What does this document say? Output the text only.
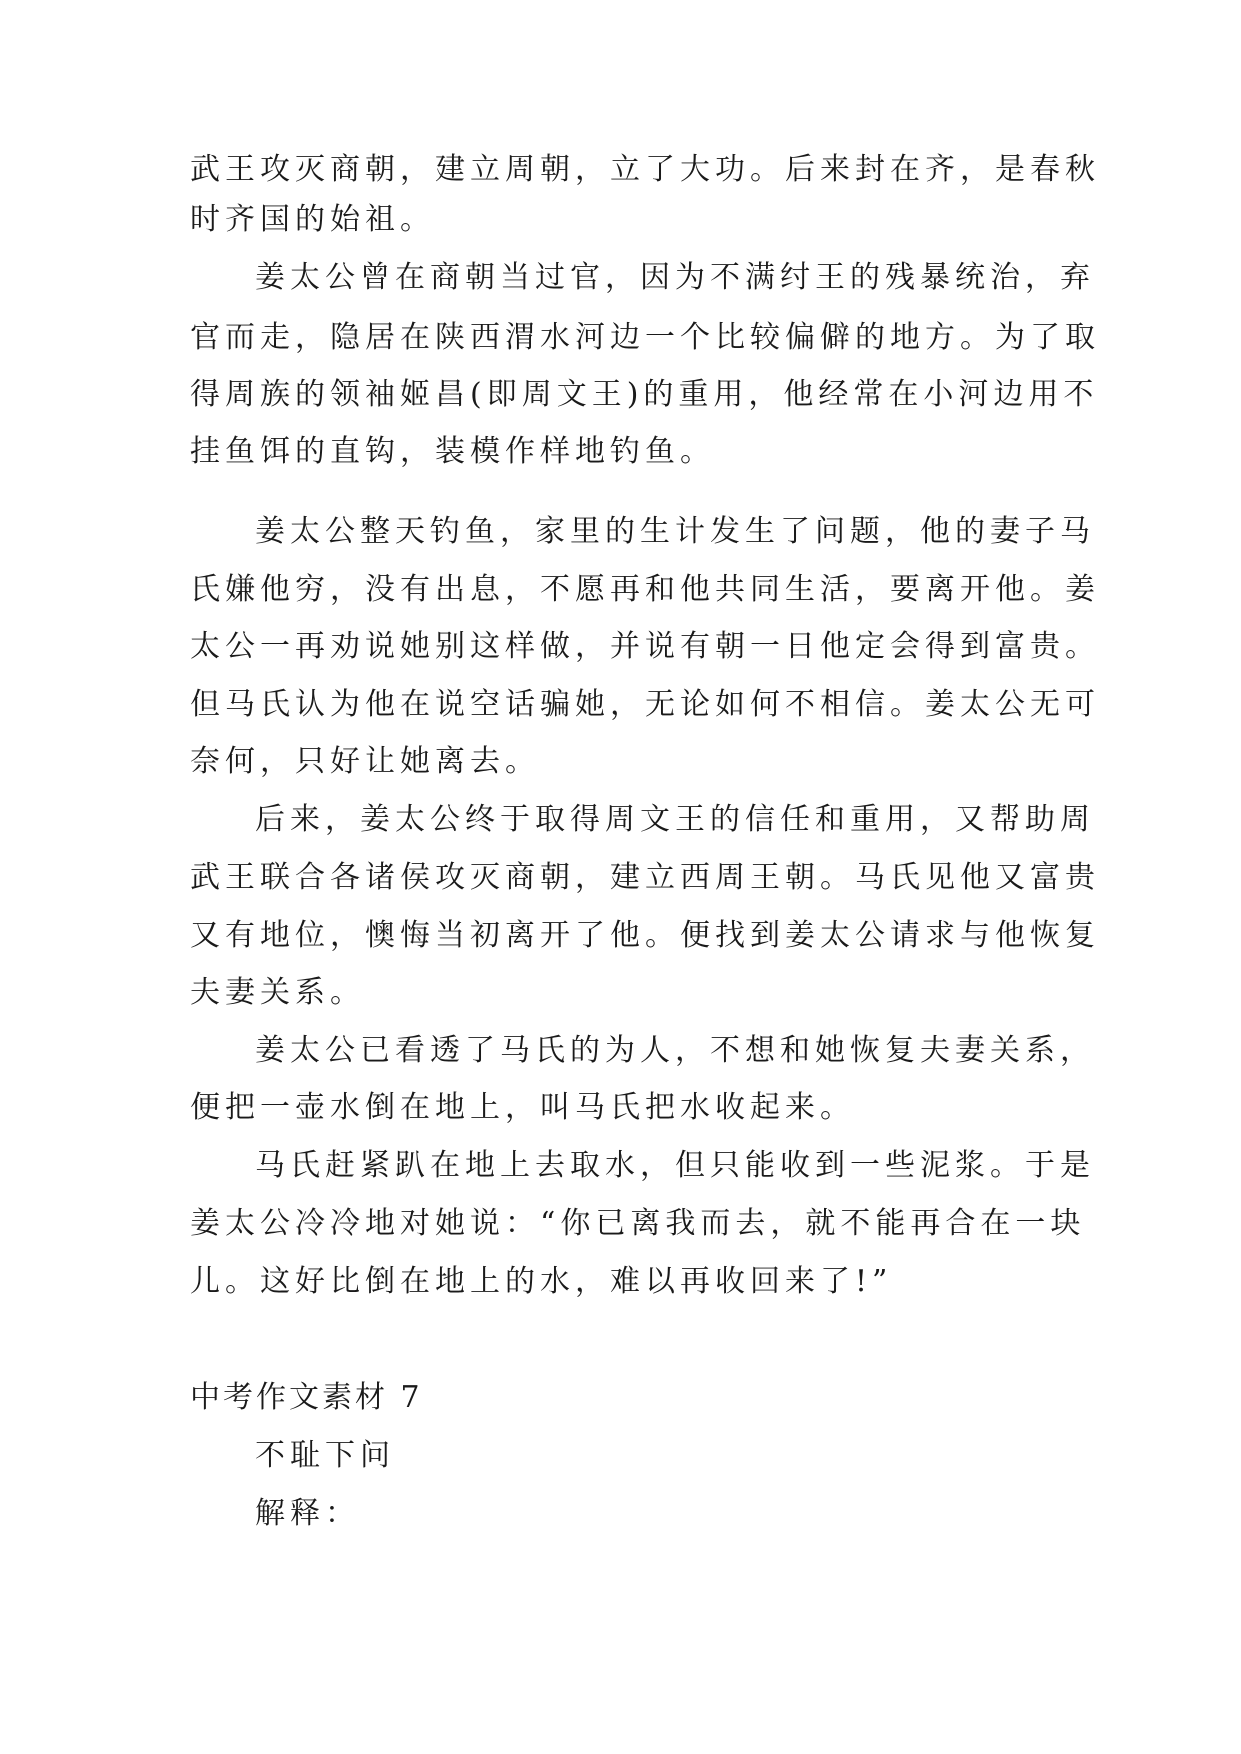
武王攻灭商朝，建立周朝，立了大功。后来封在齐，是春秋
时齐国的始祖。
姜太公曾在商朝当过官，因为不满纣王的残暴统治，弃
官而走，隐居在陕西渭水河边一个比较偏僻的地方。为了取
得周族的领袖姬昌(即周文王)的重用，他经常在小河边用不
挂鱼饵的直钩，装模作样地钓鱼。
姜太公整天钓鱼，家里的生计发生了问题，他的妻子马
氏嫌他穷，没有出息，不愿再和他共同生活，要离开他。姜
太公一再劝说她别这样做，并说有朝一日他定会得到富贵。
但马氏认为他在说空话骗她，无论如何不相信。姜太公无可
奈何，只好让她离去。
后来，姜太公终于取得周文王的信任和重用，又帮助周
武王联合各诸侯攻灭商朝，建立西周王朝。马氏见他又富贵
又有地位，懊悔当初离开了他。便找到姜太公请求与他恢复
夫妻关系。
姜太公已看透了马氏的为人，不想和她恢复夫妻关系，
便把一壶水倒在地上，叫马氏把水收起来。
马氏赶紧趴在地上去取水，但只能收到一些泥浆。于是
姜太公冷冷地对她说：“你已离我而去，就不能再合在一块
儿。这好比倒在地上的水，难以再收回来了!”
中考作文素材 7
不耻下问
解释：
